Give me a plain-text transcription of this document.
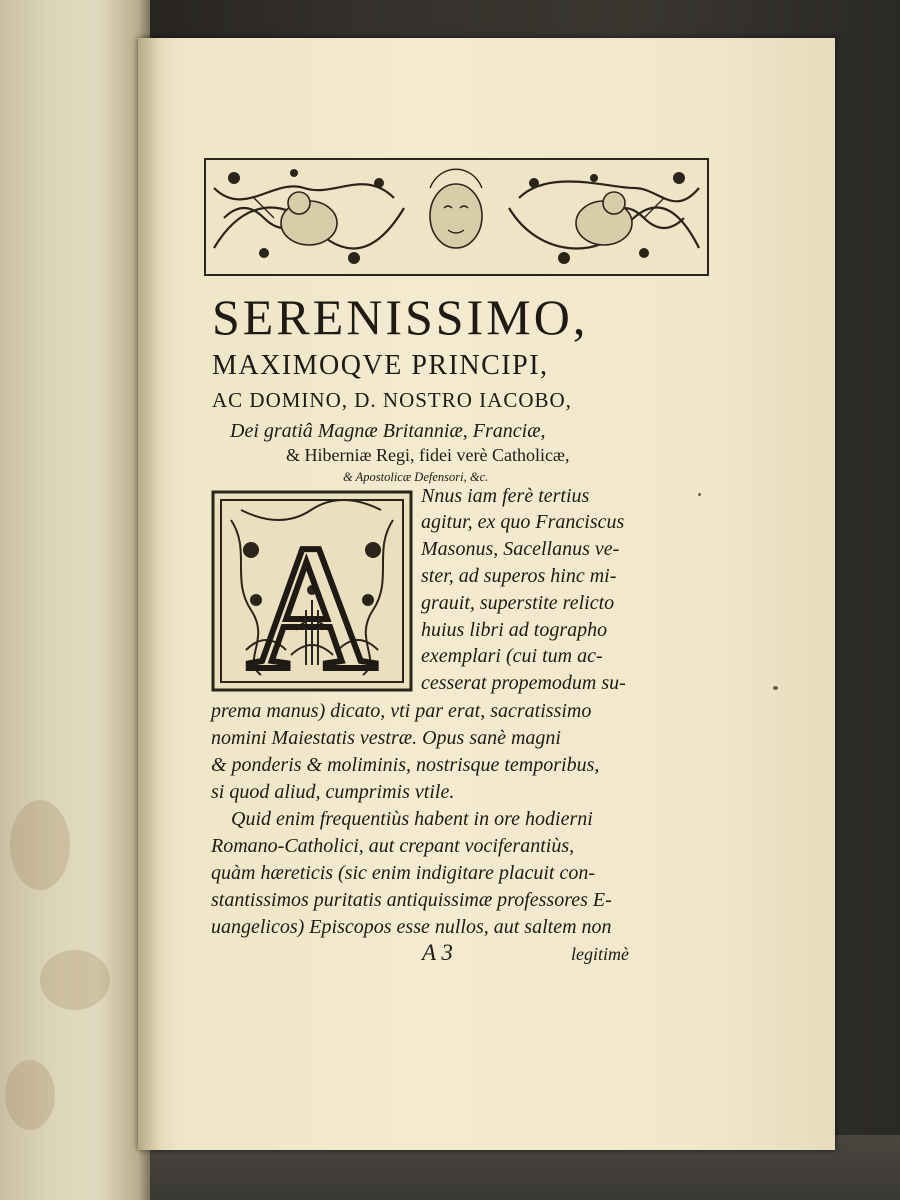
SERENISSIMO,
MAXIMOQVE PRINCIPI,
AC DOMINO, D. NOSTRO IACOBO,
Dei gratiâ Magnæ Britanniæ, Franciæ,
& Hiberniæ Regi, fidei verè Catholicæ,
& Apostolicæ Defensori, &c.
A
Nnus iam ferè tertius
agitur, ex quo Franciscus
Masonus, Sacellanus ve-
ster, ad superos hinc mi-
grauit, superstite relicto
huius libri ad tographo
exemplari (cui tum ac-
cesserat propemodum su-
prema manus) dicato, vti par erat, sacratissimo
nomini Maiestatis vestræ. Opus sanè magni
& ponderis & moliminis, nostrisque temporibus,
si quod aliud, cumprimis vtile.
Quid enim frequentiùs habent in ore hodierni
Romano-Catholici, aut crepant vociferantiùs,
quàm hæreticis (sic enim indigitare placuit con-
stantissimos puritatis antiquissimæ professores E-
uangelicos) Episcopos esse nullos, aut saltem non
A 3	legitimè
